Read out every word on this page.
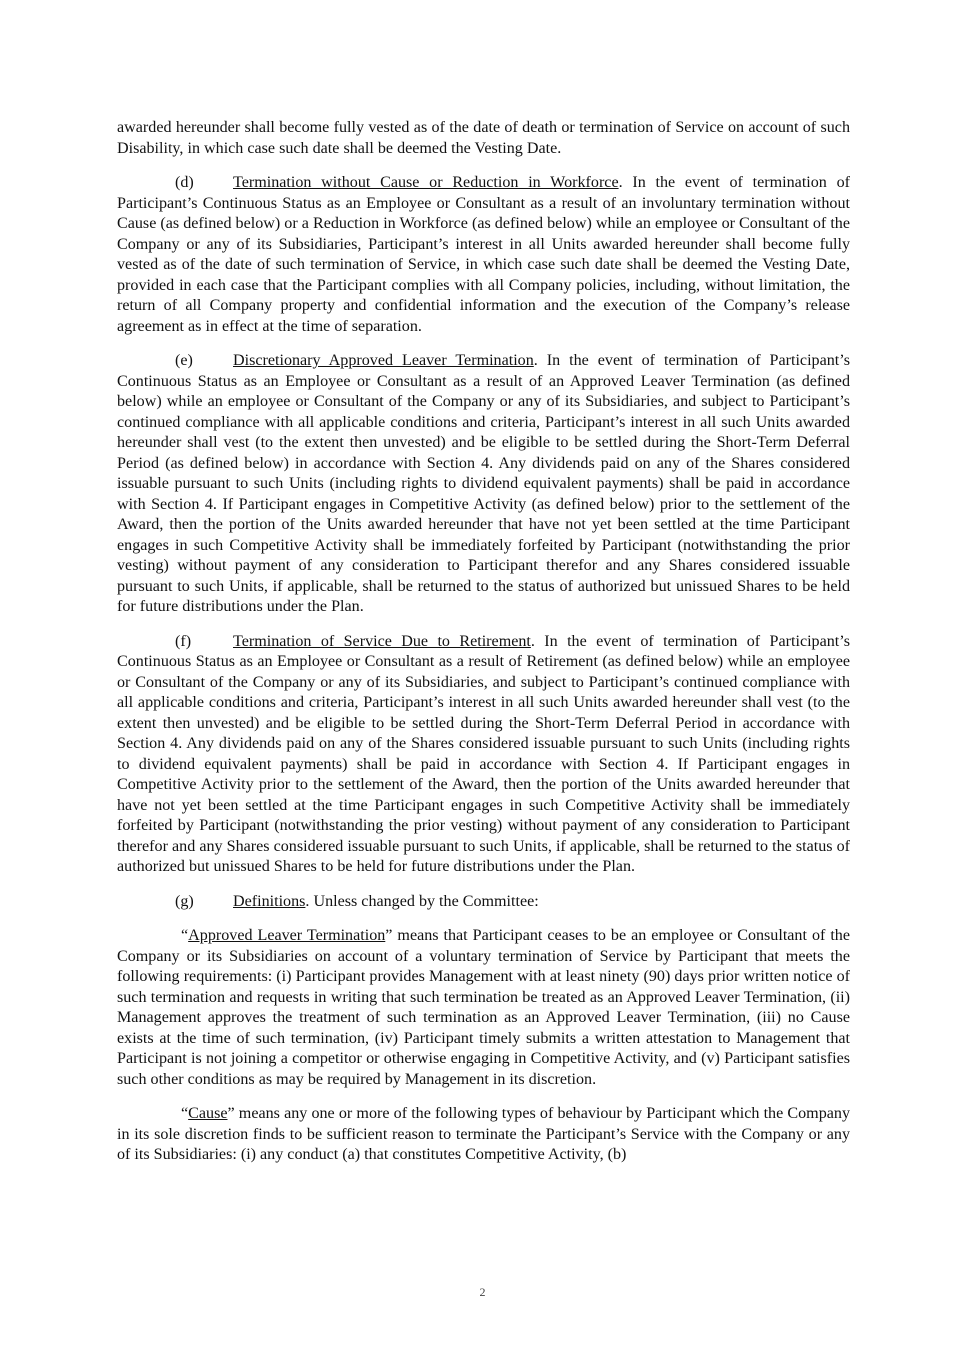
awarded hereunder shall become fully vested as of the date of death or termination of Service on account of such Disability, in which case such date shall be deemed the Vesting Date.

(d) Termination without Cause or Reduction in Workforce. In the event of termination of Participant’s Continuous Status as an Employee or Consultant as a result of an involuntary termination without Cause (as defined below) or a Reduction in Workforce (as defined below) while an employee or Consultant of the Company or any of its Subsidiaries, Participant’s interest in all Units awarded hereunder shall become fully vested as of the date of such termination of Service, in which case such date shall be deemed the Vesting Date, provided in each case that the Participant complies with all Company policies, including, without limitation, the return of all Company property and confidential information and the execution of the Company’s release agreement as in effect at the time of separation.

(e) Discretionary Approved Leaver Termination. In the event of termination of Participant’s Continuous Status as an Employee or Consultant as a result of an Approved Leaver Termination (as defined below) while an employee or Consultant of the Company or any of its Subsidiaries, and subject to Participant’s continued compliance with all applicable conditions and criteria, Participant’s interest in all such Units awarded hereunder shall vest (to the extent then unvested) and be eligible to be settled during the Short-Term Deferral Period (as defined below) in accordance with Section 4. Any dividends paid on any of the Shares considered issuable pursuant to such Units (including rights to dividend equivalent payments) shall be paid in accordance with Section 4. If Participant engages in Competitive Activity (as defined below) prior to the settlement of the Award, then the portion of the Units awarded hereunder that have not yet been settled at the time Participant engages in such Competitive Activity shall be immediately forfeited by Participant (notwithstanding the prior vesting) without payment of any consideration to Participant therefor and any Shares considered issuable pursuant to such Units, if applicable, shall be returned to the status of authorized but unissued Shares to be held for future distributions under the Plan.

(f)	Termination of Service Due to Retirement. In the event of termination of Participant’s Continuous Status as an Employee or Consultant as a result of Retirement (as defined below) while an employee or Consultant of the Company or any of its Subsidiaries, and subject to Participant’s continued compliance with all applicable conditions and criteria, Participant’s interest in all such Units awarded hereunder shall vest (to the extent then unvested) and be eligible to be settled during the Short-Term Deferral Period in accordance with Section 4. Any dividends paid on any of the Shares considered issuable pursuant to such Units (including rights to dividend equivalent payments) shall be paid in accordance with Section 4. If Participant engages in Competitive Activity prior to the settlement of the Award, then the portion of the Units awarded hereunder that have not yet been settled at the time Participant engages in such Competitive Activity shall be immediately forfeited by Participant (notwithstanding the prior vesting) without payment of any consideration to Participant therefor and any Shares considered issuable pursuant to such Units, if applicable, shall be returned to the status of authorized but unissued Shares to be held for future distributions under the Plan.

(g) Definitions. Unless changed by the Committee:

“Approved Leaver Termination” means that Participant ceases to be an employee or Consultant of the Company or its Subsidiaries on account of a voluntary termination of Service by Participant that meets the following requirements: (i) Participant provides Management with at least ninety (90) days prior written notice of such termination and requests in writing that such termination be treated as an Approved Leaver Termination, (ii) Management approves the treatment of such termination as an Approved Leaver Termination, (iii) no Cause exists at the time of such termination, (iv) Participant timely submits a written attestation to Management that Participant is not joining a competitor or otherwise engaging in Competitive Activity, and (v) Participant satisfies such other conditions as may be required by Management in its discretion.

“Cause” means any one or more of the following types of behaviour by Participant which the Company in its sole discretion finds to be sufficient reason to terminate the Participant’s Service with the Company or any of its Subsidiaries: (i) any conduct (a) that constitutes Competitive Activity, (b)

2
